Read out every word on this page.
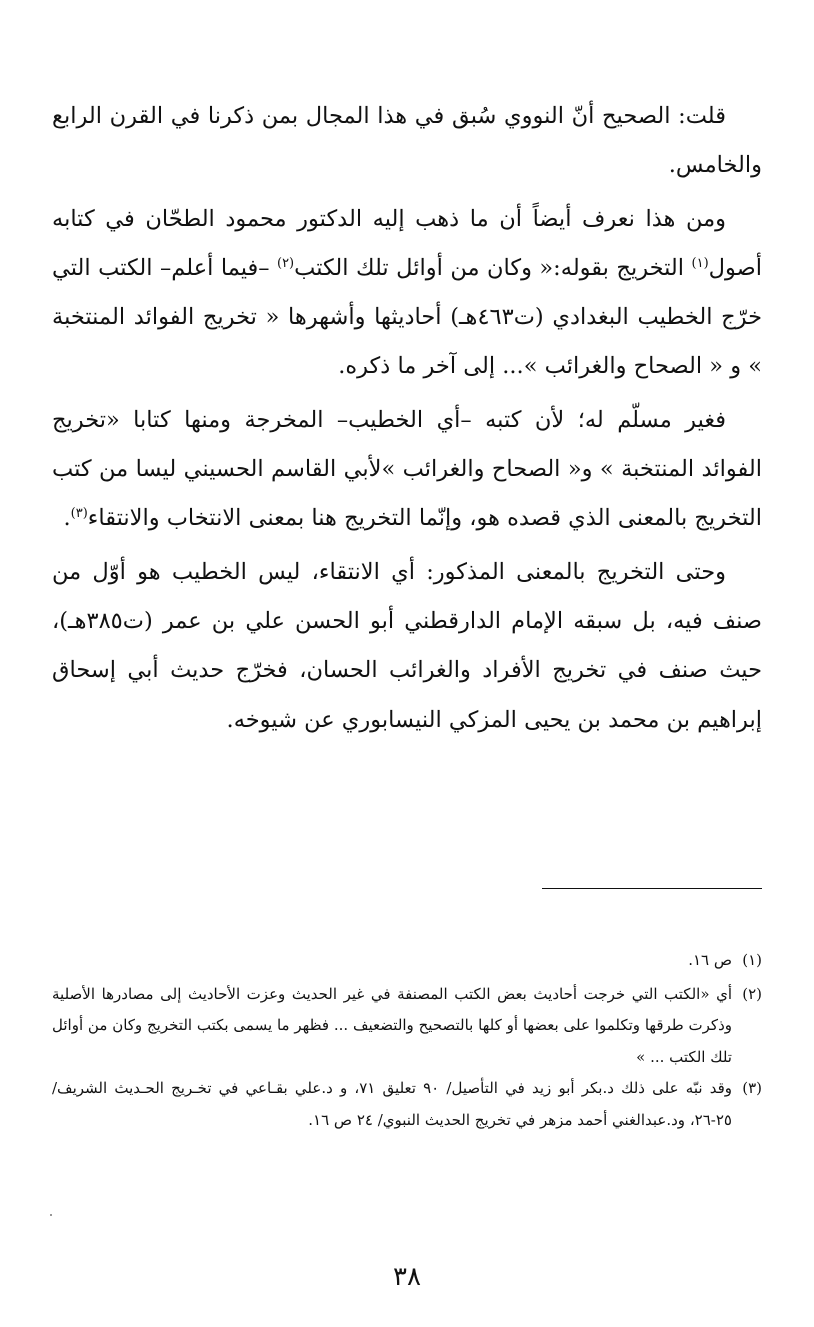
قلت: الصحيح أنّ النووي سُبق في هذا المجال بمن ذكرنا في القرن الرابع والخامس.

ومن هذا نعرف أيضاً أن ما ذهب إليه الدكتور محمود الطحّان في كتابه أصول$^{(١)}$ التخريج بقوله:« وكان من أوائل تلك الكتب$^{(٢)}$ –فيما أعلم– الكتب التي خرّج الخطيب البغدادي (ت٤٦٣هـ) أحاديثها وأشهرها « تخريج الفوائد المنتخبة » و « الصحاح والغرائب »... إلى آخر ما ذكره.

فغير مسلّم له؛ لأن كتبه –أي الخطيب– المخرجة ومنها كتابا «تخريج الفوائد المنتخبة » و« الصحاح والغرائب »لأبي القاسم الحسيني ليسا من كتب التخريج بالمعنى الذي قصده هو، وإنّما التخريج هنا بمعنى الانتخاب والانتقاء$^{(٣)}$.

وحتى التخريج بالمعنى المذكور: أي الانتقاء، ليس الخطيب هو أوّل من صنف فيه، بل سبقه الإمام الدارقطني أبو الحسن علي بن عمر (ت٣٨٥هـ)، حيث صنف في تخريج الأفراد والغرائب الحسان، فخرّج حديث أبي إسحاق إبراهيم بن محمد بن يحيى المزكي النيسابوري عن شيوخه.

(١)
ص ١٦.
(٢)
أي «الكتب التي خرجت أحاديث بعض الكتب المصنفة في غير الحديث وعزت الأحاديث إلى مصادرها الأصلية وذكرت طرقها وتكلموا على بعضها أو كلها بالتصحيح والتضعيف ... فظهر ما يسمى بكتب التخريج وكان من أوائل تلك الكتب ... »
(٣)
وقد نبّه على ذلك د.بكر أبو زيد في التأصيل/ ٩٠ تعليق ٧١، و د.علي بقـاعي في تخـريج الحـديث الشريف/ ٢٥-٢٦، ود.عبدالغني أحمد مزهر في تخريج الحديث النبوي/ ٢٤ ص ١٦.
٣٨
